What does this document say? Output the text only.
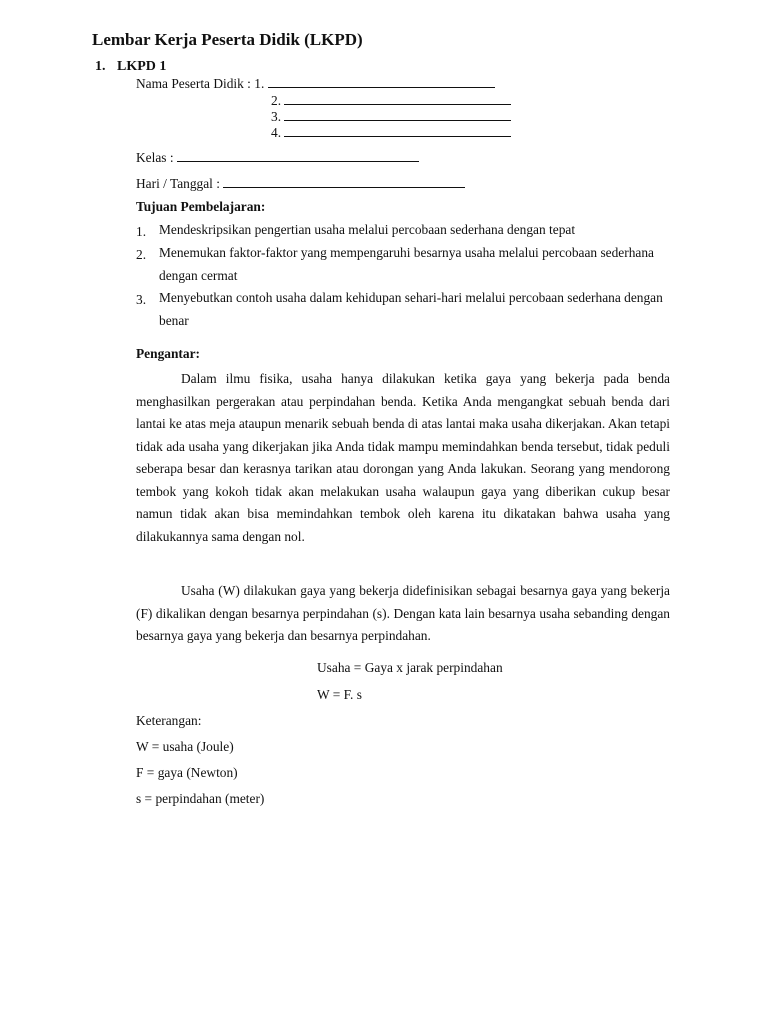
Lembar Kerja Peserta Didik (LKPD)
1. LKPD 1
Nama Peserta Didik : 1.
2.
3.
4.
Kelas :
Hari / Tanggal :
Tujuan Pembelajaran:
1. Mendeskripsikan pengertian usaha melalui percobaan sederhana dengan tepat
2. Menemukan faktor-faktor yang mempengaruhi besarnya usaha melalui percobaan sederhana dengan cermat
3. Menyebutkan contoh usaha dalam kehidupan sehari-hari melalui percobaan sederhana dengan benar
Pengantar:
Dalam ilmu fisika, usaha hanya dilakukan ketika gaya yang bekerja pada benda menghasilkan pergerakan atau perpindahan benda. Ketika Anda mengangkat sebuah benda dari lantai ke atas meja ataupun menarik sebuah benda di atas lantai maka usaha dikerjakan. Akan tetapi tidak ada usaha yang dikerjakan jika Anda tidak mampu memindahkan benda tersebut, tidak peduli seberapa besar dan kerasnya tarikan atau dorongan yang Anda lakukan. Seorang yang mendorong tembok yang kokoh tidak akan melakukan usaha walaupun gaya yang diberikan cukup besar namun tidak akan bisa memindahkan tembok oleh karena itu dikatakan bahwa usaha yang dilakukannya sama dengan nol.
Usaha (W) dilakukan gaya yang bekerja didefinisikan sebagai besarnya gaya yang bekerja (F) dikalikan dengan besarnya perpindahan (s). Dengan kata lain besarnya usaha sebanding dengan besarnya gaya yang bekerja dan besarnya perpindahan.
Usaha = Gaya x jarak perpindahan
W = F. s
Keterangan:
W = usaha (Joule)
F = gaya (Newton)
s = perpindahan (meter)
